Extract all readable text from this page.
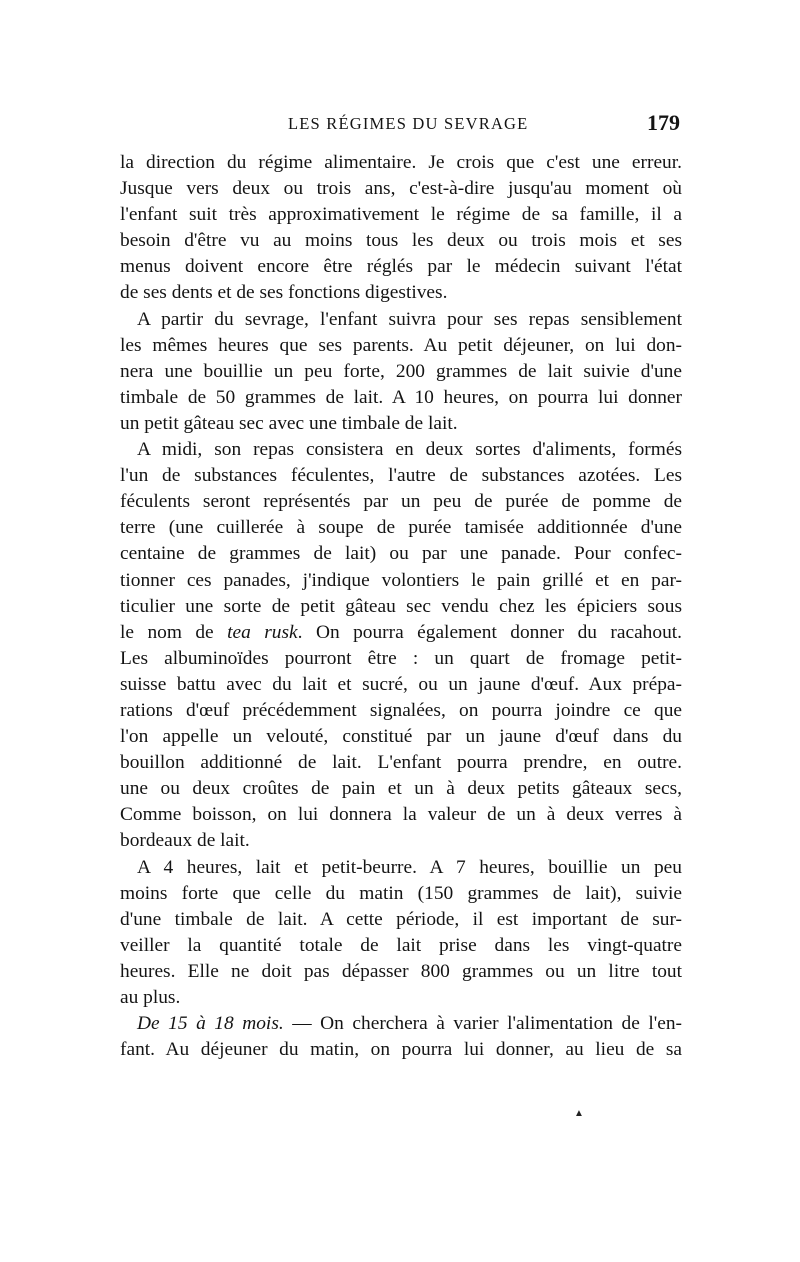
LES RÉGIMES DU SEVRAGE	179
la direction du régime alimentaire. Je crois que c'est une erreur.
Jusque vers deux ou trois ans, c'est-à-dire jusqu'au moment où
l'enfant suit très approximativement le régime de sa famille, il a
besoin d'être vu au moins tous les deux ou trois mois et ses
menus doivent encore être réglés par le médecin suivant l'état
de ses dents et de ses fonctions digestives.
A partir du sevrage, l'enfant suivra pour ses repas sensiblement
les mêmes heures que ses parents. Au petit déjeuner, on lui don-
nera une bouillie un peu forte, 200 grammes de lait suivie d'une
timbale de 50 grammes de lait. A 10 heures, on pourra lui donner
un petit gâteau sec avec une timbale de lait.
A midi, son repas consistera en deux sortes d'aliments, formés
l'un de substances féculentes, l'autre de substances azotées. Les
féculents seront représentés par un peu de purée de pomme de
terre (une cuillerée à soupe de purée tamisée additionnée d'une
centaine de grammes de lait) ou par une panade. Pour confec-
tionner ces panades, j'indique volontiers le pain grillé et en par-
ticulier une sorte de petit gâteau sec vendu chez les épiciers sous
le nom de tea rusk. On pourra également donner du racahout.
Les albuminoïdes pourront être : un quart de fromage petit-
suisse battu avec du lait et sucré, ou un jaune d'œuf. Aux prépa-
rations d'œuf précédemment signalées, on pourra joindre ce que
l'on appelle un velouté, constitué par un jaune d'œuf dans du
bouillon additionné de lait. L'enfant pourra prendre, en outre.
une ou deux croûtes de pain et un à deux petits gâteaux secs,
Comme boisson, on lui donnera la valeur de un à deux verres à
bordeaux de lait.
A 4 heures, lait et petit-beurre. A 7 heures, bouillie un peu
moins forte que celle du matin (150 grammes de lait), suivie
d'une timbale de lait. A cette période, il est important de sur-
veiller la quantité totale de lait prise dans les vingt-quatre
heures. Elle ne doit pas dépasser 800 grammes ou un litre tout
au plus.
De 15 à 18 mois. — On cherchera à varier l'alimentation de l'en-
fant. Au déjeuner du matin, on pourra lui donner, au lieu de sa
▲
